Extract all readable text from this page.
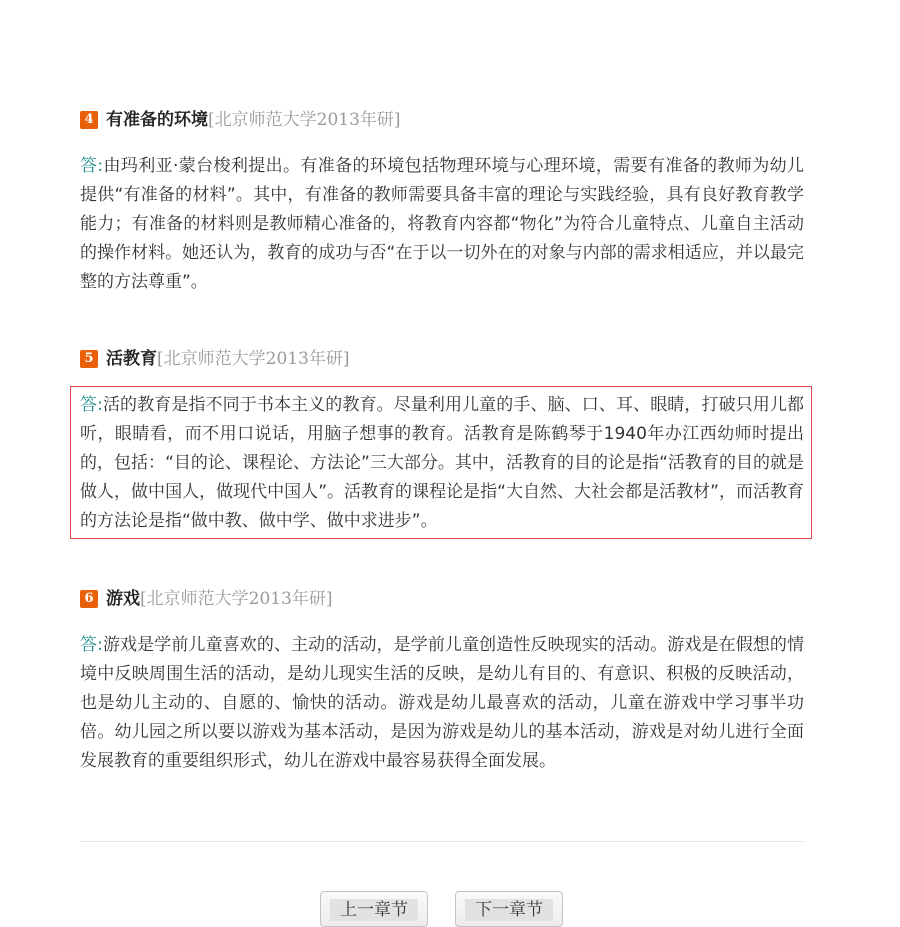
4 有准备的环境 [北京师范大学2013年研]

答:由玛利亚·蒙台梭利提出。有准备的环境包括物理环境与心理环境，需要有准备的教师为幼儿提供“有准备的材料”。其中，有准备的教师需要具备丰富的理论与实践经验，具有良好教育教学能力；有准备的材料则是教师精心准备的，将教育内容都“物化”为符合儿童特点、儿童自主活动的操作材料。她还认为，教育的成功与否“在于以一切外在的对象与内部的需求相适应，并以最完整的方法尊重”。

5 活教育 [北京师范大学2013年研]

答:活的教育是指不同于书本主义的教育。尽量利用儿童的手、脑、口、耳、眼睛，打破只用儿都听，眼睛看，而不用口说话，用脑子想事的教育。活教育是陈鹤琴于1940年办江西幼师时提出的，包括：“目的论、课程论、方法论”三大部分。其中，活教育的目的论是指“活教育的目的就是做人，做中国人，做现代中国人”。活教育的课程论是指“大自然、大社会都是活教材”，而活教育的方法论是指“做中教、做中学、做中求进步”。

6 游戏 [北京师范大学2013年研]

答:游戏是学前儿童喜欢的、主动的活动，是学前儿童创造性反映现实的活动。游戏是在假想的情境中反映周围生活的活动，是幼儿现实生活的反映，是幼儿有目的、有意识、积极的反映活动，也是幼儿主动的、自愿的、愉快的活动。游戏是幼儿最喜欢的活动，儿童在游戏中学习事半功倍。幼儿园之所以要以游戏为基本活动，是因为游戏是幼儿的基本活动，游戏是对幼儿进行全面发展教育的重要组织形式，幼儿在游戏中最容易获得全面发展。

上一章节	下一章节
